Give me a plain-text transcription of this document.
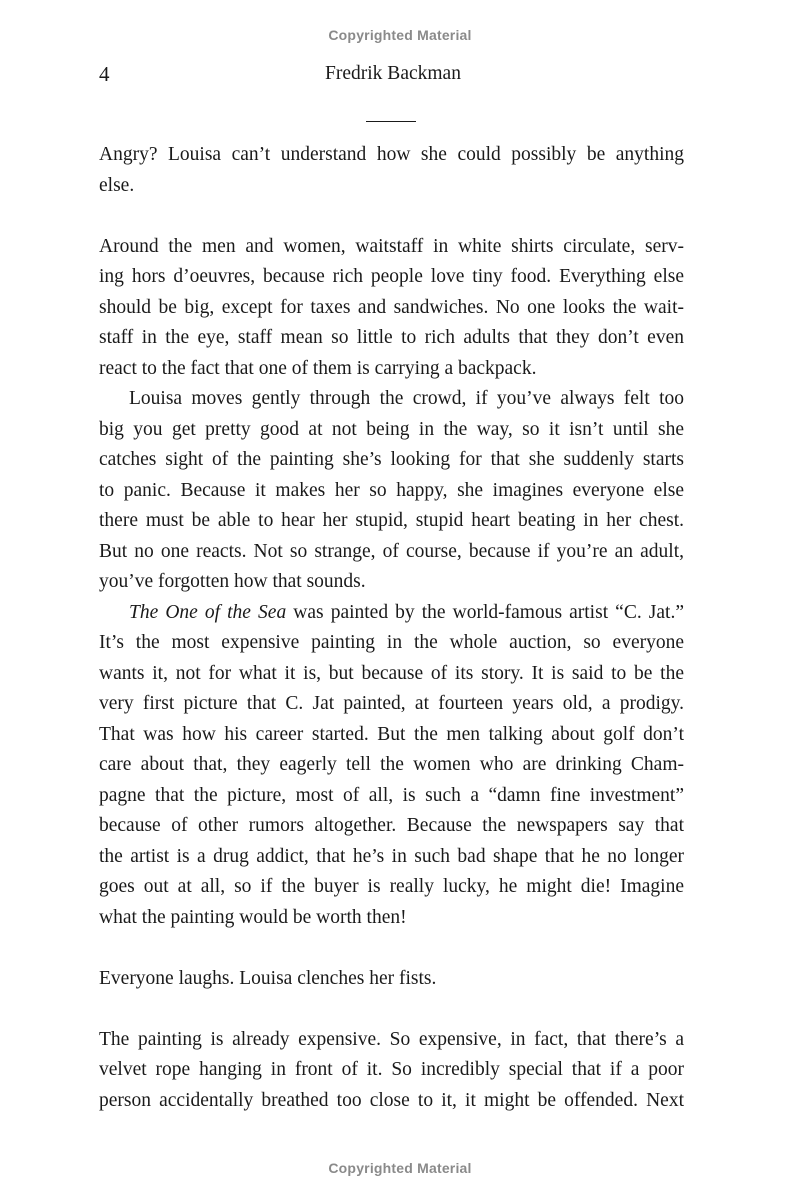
Copyrighted Material
4	Fredrik Backman

Angry? Louisa can’t understand how she could possibly be anything
else.

Around the men and women, waitstaff in white shirts circulate, serv-
ing hors d’oeuvres, because rich people love tiny food. Everything else
should be big, except for taxes and sandwiches. No one looks the wait-
staff in the eye, staff mean so little to rich adults that they don’t even
react to the fact that one of them is carrying a backpack.

Louisa moves gently through the crowd, if you’ve always felt too
big you get pretty good at not being in the way, so it isn’t until she
catches sight of the painting she’s looking for that she suddenly starts
to panic. Because it makes her so happy, she imagines everyone else
there must be able to hear her stupid, stupid heart beating in her chest.
But no one reacts. Not so strange, of course, because if you’re an adult,
you’ve forgotten how that sounds.

The One of the Sea was painted by the world-famous artist “C. Jat.”
It’s the most expensive painting in the whole auction, so everyone
wants it, not for what it is, but because of its story. It is said to be the
very first picture that C. Jat painted, at fourteen years old, a prodigy.
That was how his career started. But the men talking about golf don’t
care about that, they eagerly tell the women who are drinking Cham-
pagne that the picture, most of all, is such a “damn fine investment”
because of other rumors altogether. Because the newspapers say that
the artist is a drug addict, that he’s in such bad shape that he no longer
goes out at all, so if the buyer is really lucky, he might die! Imagine
what the painting would be worth then!

Everyone laughs. Louisa clenches her fists.

The painting is already expensive. So expensive, in fact, that there’s a
velvet rope hanging in front of it. So incredibly special that if a poor
person accidentally breathed too close to it, it might be offended. Next

Copyrighted Material
